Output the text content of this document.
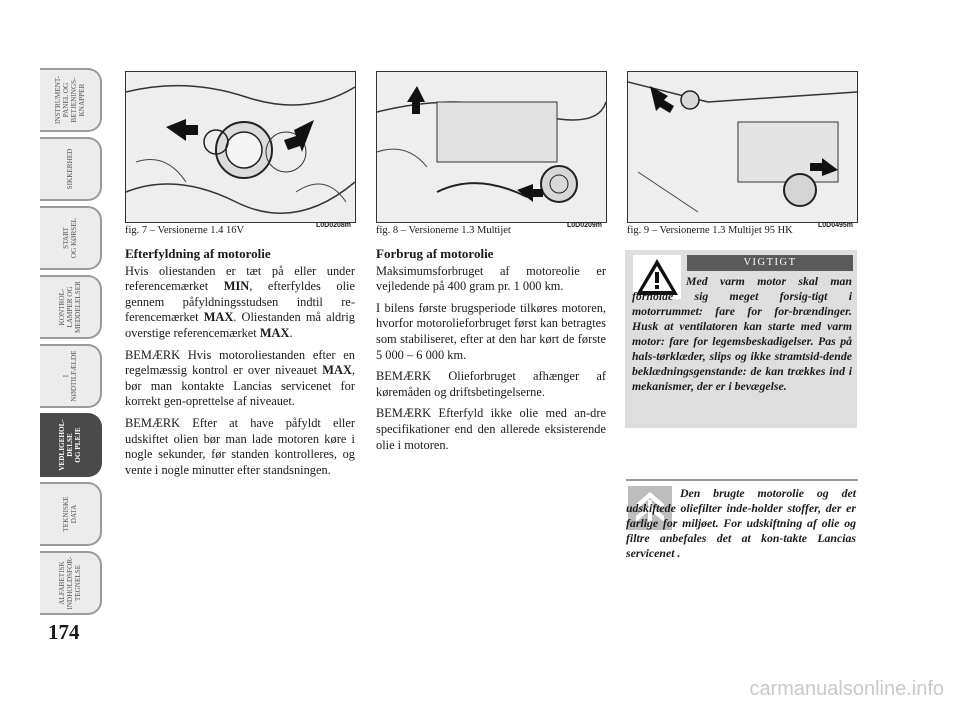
INSTRUMENT-
PANEL OG
BETJENINGS-
KNAPPER
SIKKERHED
START
OG KØRSEL
KONTROL-
LAMPER OG
MEDDELELSER
I
NØDTILFÆLDE
VEDLIGEHOL-
DELSE
OG PLEJE
TEKNISKE
DATA
ALFABETISK
INDHOLDSFOR-
TEGNELSE
174
fig. 7 – Versionerne 1.4 16V	L0D0208m fig. 8 – Versionerne 1.3 Multijet	L0D0209m fig. 9 – Versionerne 1.3 Multijet 95 HK	L0D0495m
Efterfyldning af motorolie

Hvis oliestanden er tæt på eller under referencemærket MIN, efterfyldes olie gennem påfyldningsstudsen indtil re-ferencemærket MAX. Oliestanden må aldrig overstige referencemærket MAX.

BEMÆRK Hvis motoroliestanden efter en regelmæssig kontrol er over niveauet MAX, bør man kontakte Lancias servicenet for korrekt gen-oprettelse af niveauet.

BEMÆRK Efter at have påfyldt eller udskiftet olien bør man lade motoren køre i nogle sekunder, før standen kontrolleres, og vente i nogle minutter efter standsningen.

Forbrug af motorolie

Maksimumsforbruget af motoreolie er vejledende på 400 gram pr. 1 000 km.

I bilens første brugsperiode tilkøres motoren, hvorfor motorolieforbruget først kan betragtes som stabiliseret, efter at den har kørt de første 5 000 – 6 000 km.

BEMÆRK Olieforbruget afhænger af køremåden og driftsbetingelserne.

BEMÆRK Efterfyld ikke olie med an-dre specifikationer end den allerede eksisterende olie i motoren.

VIGTIGT
Med varm motor skal man forholde sig meget forsig-tigt i motorrummet: fare for for-brændinger. Husk at ventilatoren kan starte med varm motor: fare for legemsbeskadigelser. Pas på hals-tørklæder, slips og ikke stramtsid-dende beklædningsgenstande: de kan trækkes ind i mekanismer, der er i bevægelse.
Den brugte motorolie og det udskiftede oliefilter inde-holder stoffer, der er farlige for miljøet. For udskiftning af olie og filtre anbefales det at kon-takte Lancias servicenet .
carmanualsonline.info
